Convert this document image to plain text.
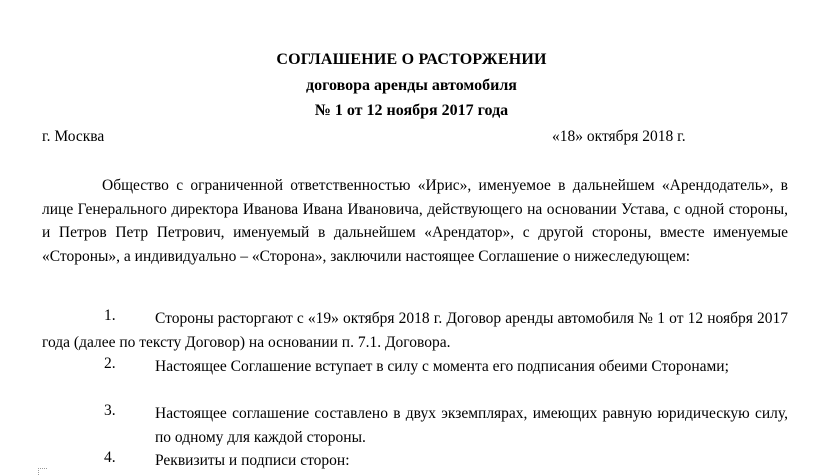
СОГЛАШЕНИЕ О РАСТОРЖЕНИИ
договора аренды автомобиля
№ 1 от 12 ноября 2017 года
г. Москва	«18» октября 2018 г.

Общество с ограниченной ответственностью «Ирис», именуемое в дальнейшем «Арендодатель», в лице Генерального директора Иванова Ивана Ивановича, действующего на основании Устава, с одной стороны, и Петров Петр Петрович, именуемый в дальнейшем «Арендатор», с другой стороны, вместе именуемые «Стороны», а индивидуально – «Сторона», заключили настоящее Соглашение о нижеследующем:

1.	Стороны расторгают с «19» октября 2018 г. Договор аренды автомобиля № 1 от 12 ноября 2017 года (далее по тексту Договор) на основании п. 7.1. Договора.

2.	Настоящее Соглашение вступает в силу с момента его подписания обеими Сторонами;

3.	Настоящее соглашение составлено в двух экземплярах, имеющих равную юридическую силу, по одному для каждой стороны.

4.	Реквизиты и подписи сторон:
